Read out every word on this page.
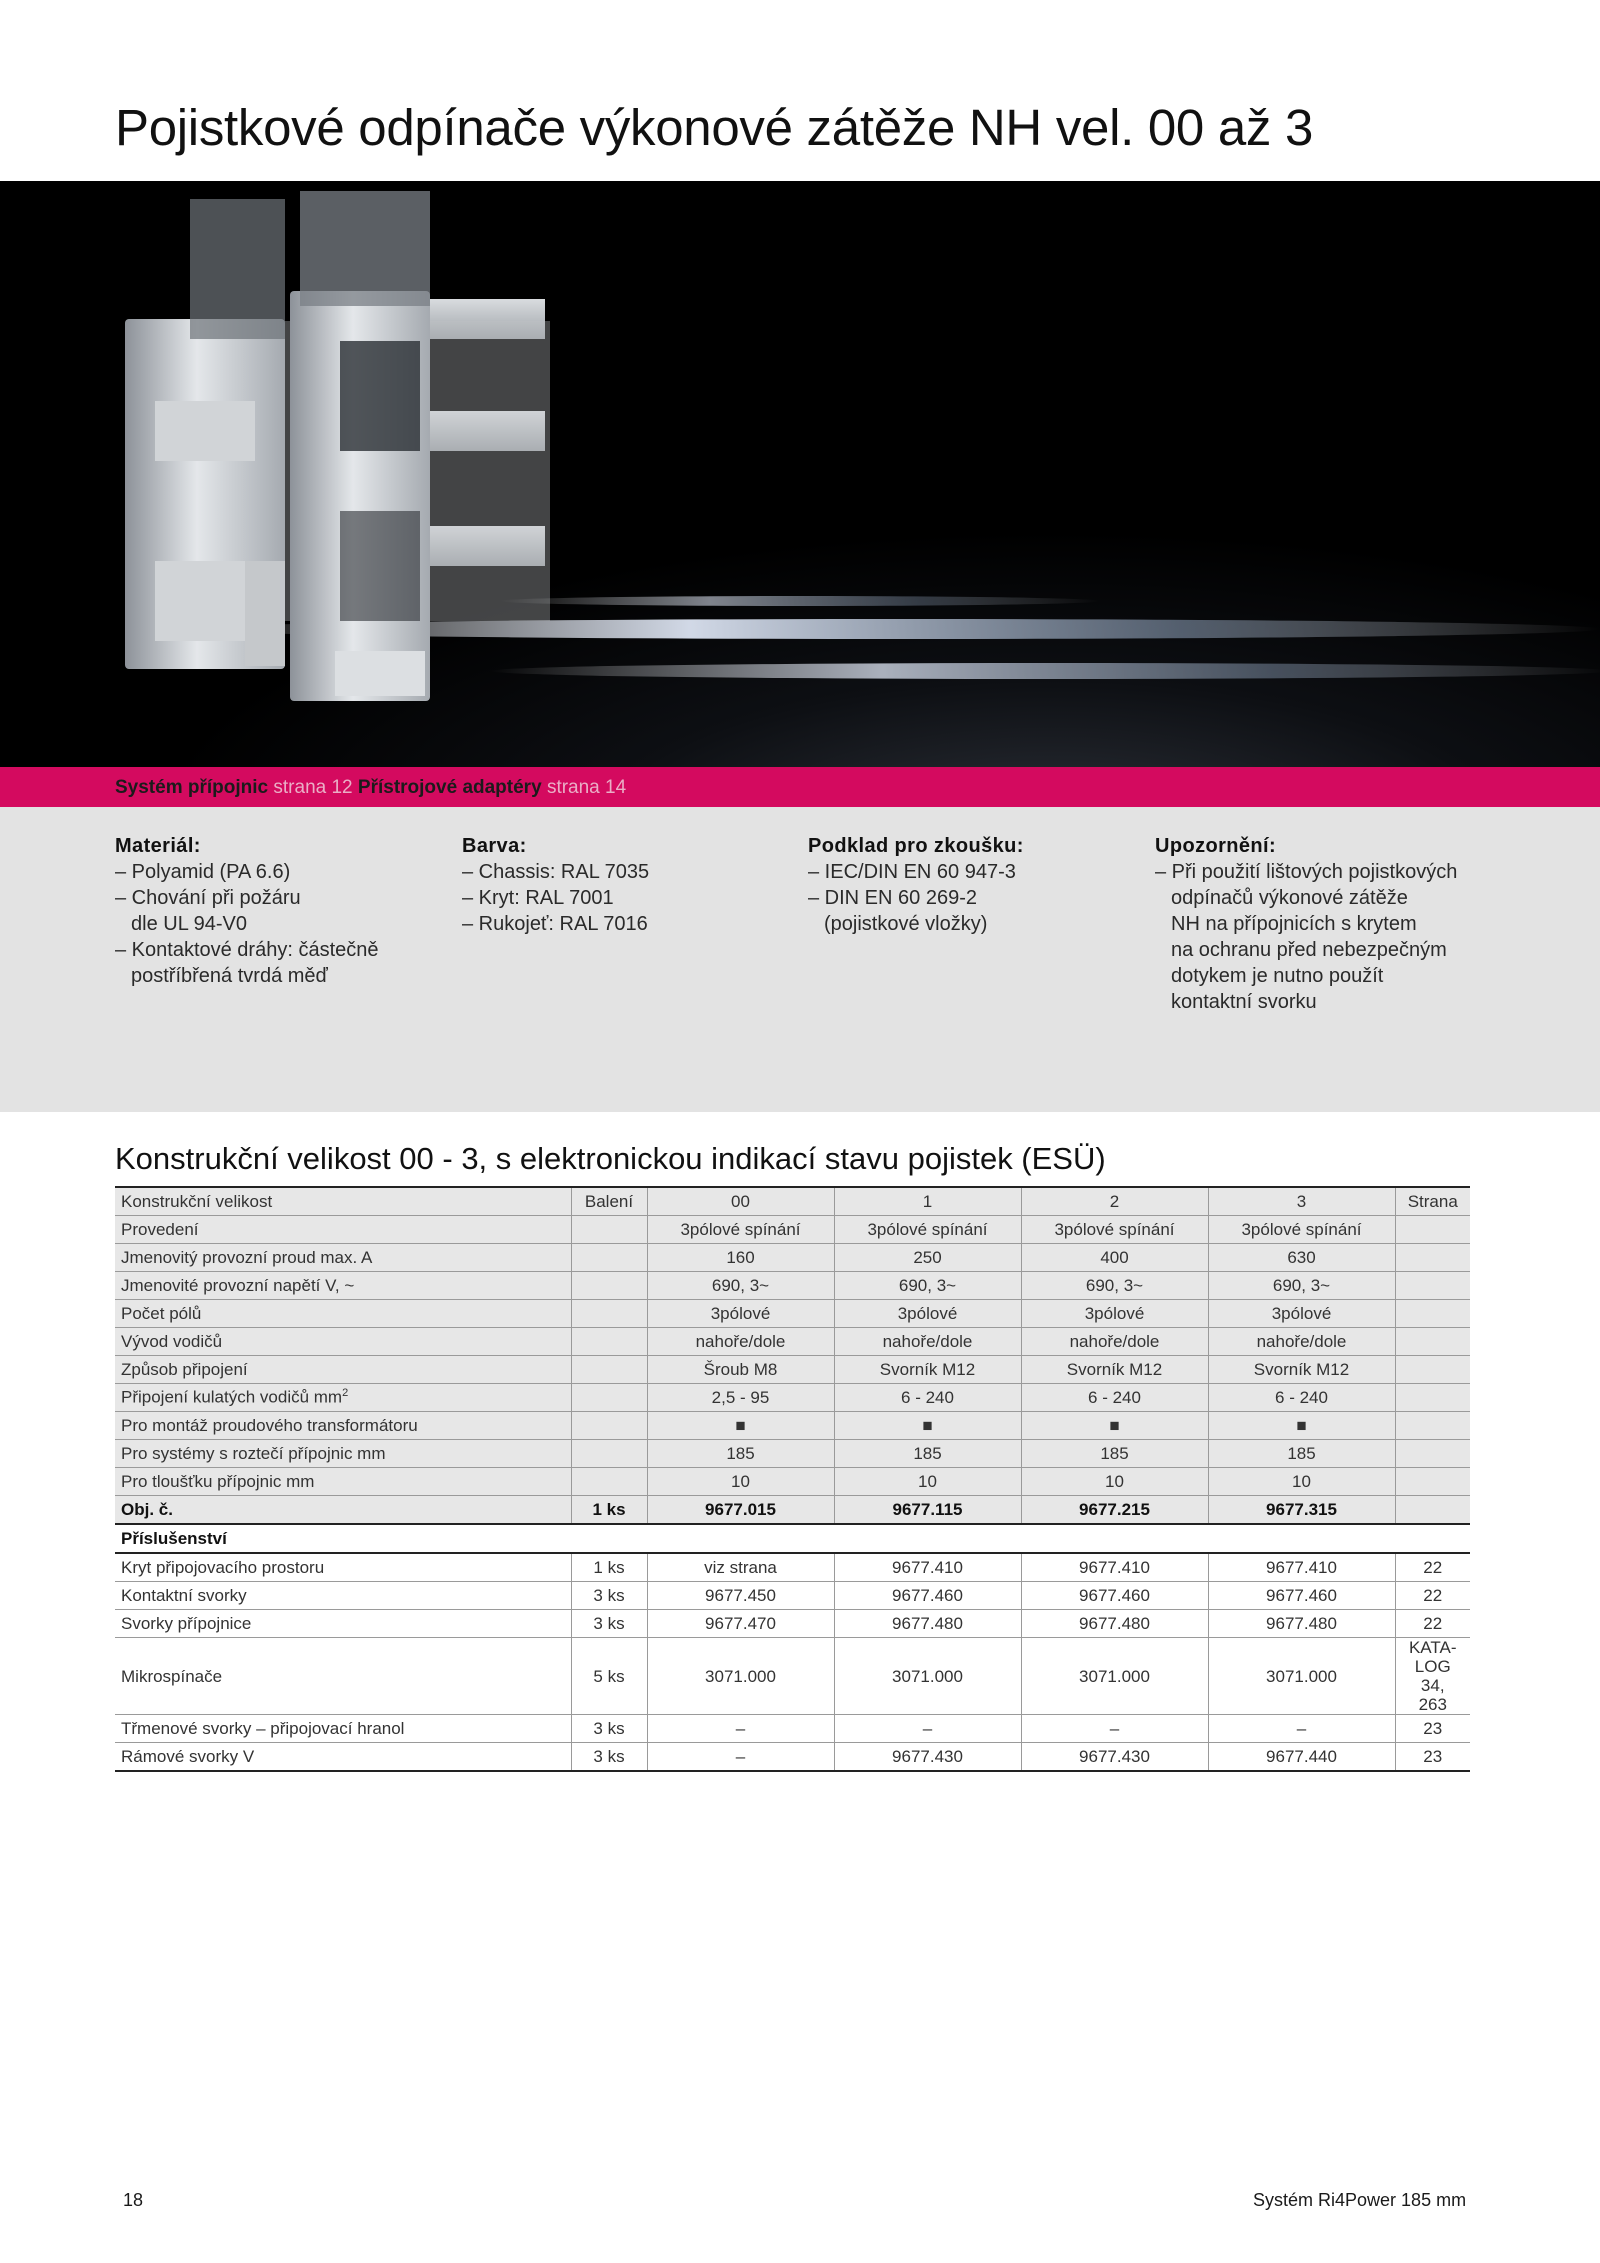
Pojistkové odpínače výkonové zátěže NH vel. 00 až 3
Systém přípojnic strana 12 Přístrojové adaptéry strana 14
Materiál:
– Polyamid (PA 6.6)
– Chování při požáru
dle UL 94-V0
– Kontaktové dráhy: částečně
postříbřená tvrdá měď
Barva:
– Chassis: RAL 7035
– Kryt: RAL 7001
– Rukojeť: RAL 7016
Podklad pro zkoušku:
– IEC/DIN EN 60 947-3
– DIN EN 60 269-2
(pojistkové vložky)
Upozornění:
– Při použití lištových pojistkových
odpínačů výkonové zátěže
NH na přípojnicích s krytem
na ochranu před nebezpečným
dotykem je nutno použít
kontaktní svorku
Konstrukční velikost 00 - 3, s elektronickou indikací stavu pojistek (ESÜ)
Konstrukční velikost	Balení	00	1	2	3	Strana
Provedení		3pólové spínání	3pólové spínání	3pólové spínání	3pólové spínání	
Jmenovitý provozní proud max. A		160	250	400	630	
Jmenovité provozní napětí V, ~		690, 3~	690, 3~	690, 3~	690, 3~	
Počet pólů		3pólové	3pólové	3pólové	3pólové	
Vývod vodičů		nahoře/dole	nahoře/dole	nahoře/dole	nahoře/dole	
Způsob připojení		Šroub M8	Svorník M12	Svorník M12	Svorník M12	
Připojení kulatých vodičů $mm^2$		2,5 - 95	6 - 240	6 - 240	6 - 240	
Pro montáž proudového transformátoru		■	■	■	■	
Pro systémy s roztečí přípojnic mm		185	185	185	185	
Pro tloušťku přípojnic mm		10	10	10	10	
Obj. č.	1 ks	9677.015	9677.115	9677.215	9677.315	
Příslušenství						
Kryt připojovacího prostoru	1 ks	viz strana	9677.410	9677.410	9677.410	22
Kontaktní svorky	3 ks	9677.450	9677.460	9677.460	9677.460	22
Svorky přípojnice	3 ks	9677.470	9677.480	9677.480	9677.480	22
Mikrospínače	5 ks	3071.000	3071.000	3071.000	3071.000	KATA-
LOG 34,
263
Třmenové svorky – připojovací hranol	3 ks	–	–	–	–	23
Rámové svorky V	3 ks	–	9677.430	9677.430	9677.440	23
18	Systém Ri4Power 185 mm
